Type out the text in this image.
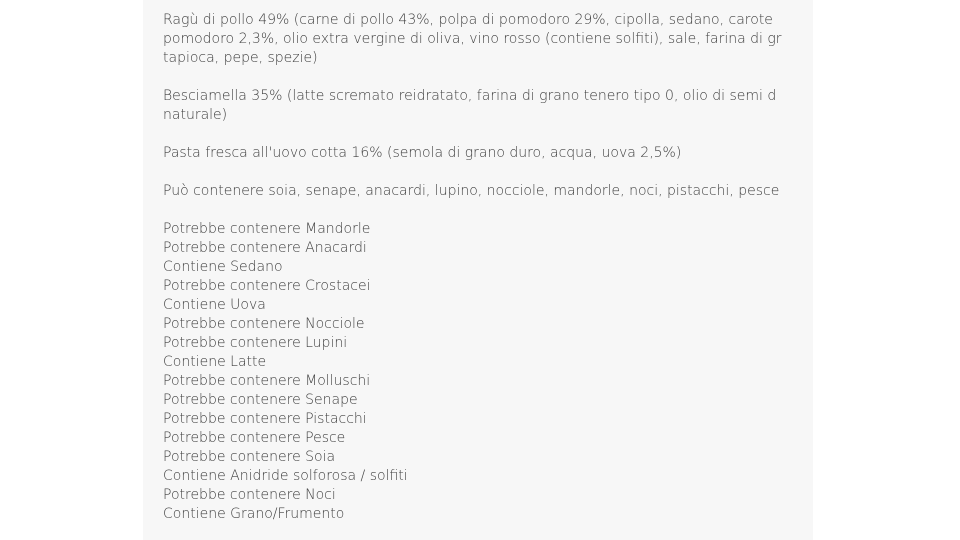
Ragù di pollo 49% (carne di pollo 43%, polpa di pomodoro 29%, cipolla, sedano, carote
pomodoro 2,3%, olio extra vergine di oliva, vino rosso (contiene solfiti), sale, farina di gr
tapioca, pepe, spezie)
Besciamella 35% (latte scremato reidratato, farina di grano tenero tipo 0, olio di semi d
naturale)
Pasta fresca all'uovo cotta 16% (semola di grano duro, acqua, uova 2,5%)
Può contenere soia, senape, anacardi, lupino, nocciole, mandorle, noci, pistacchi, pesce
Potrebbe contenere Mandorle
Potrebbe contenere Anacardi
Contiene Sedano
Potrebbe contenere Crostacei
Contiene Uova
Potrebbe contenere Nocciole
Potrebbe contenere Lupini
Contiene Latte
Potrebbe contenere Molluschi
Potrebbe contenere Senape
Potrebbe contenere Pistacchi
Potrebbe contenere Pesce
Potrebbe contenere Soia
Contiene Anidride solforosa / solfiti
Potrebbe contenere Noci
Contiene Grano/Frumento
